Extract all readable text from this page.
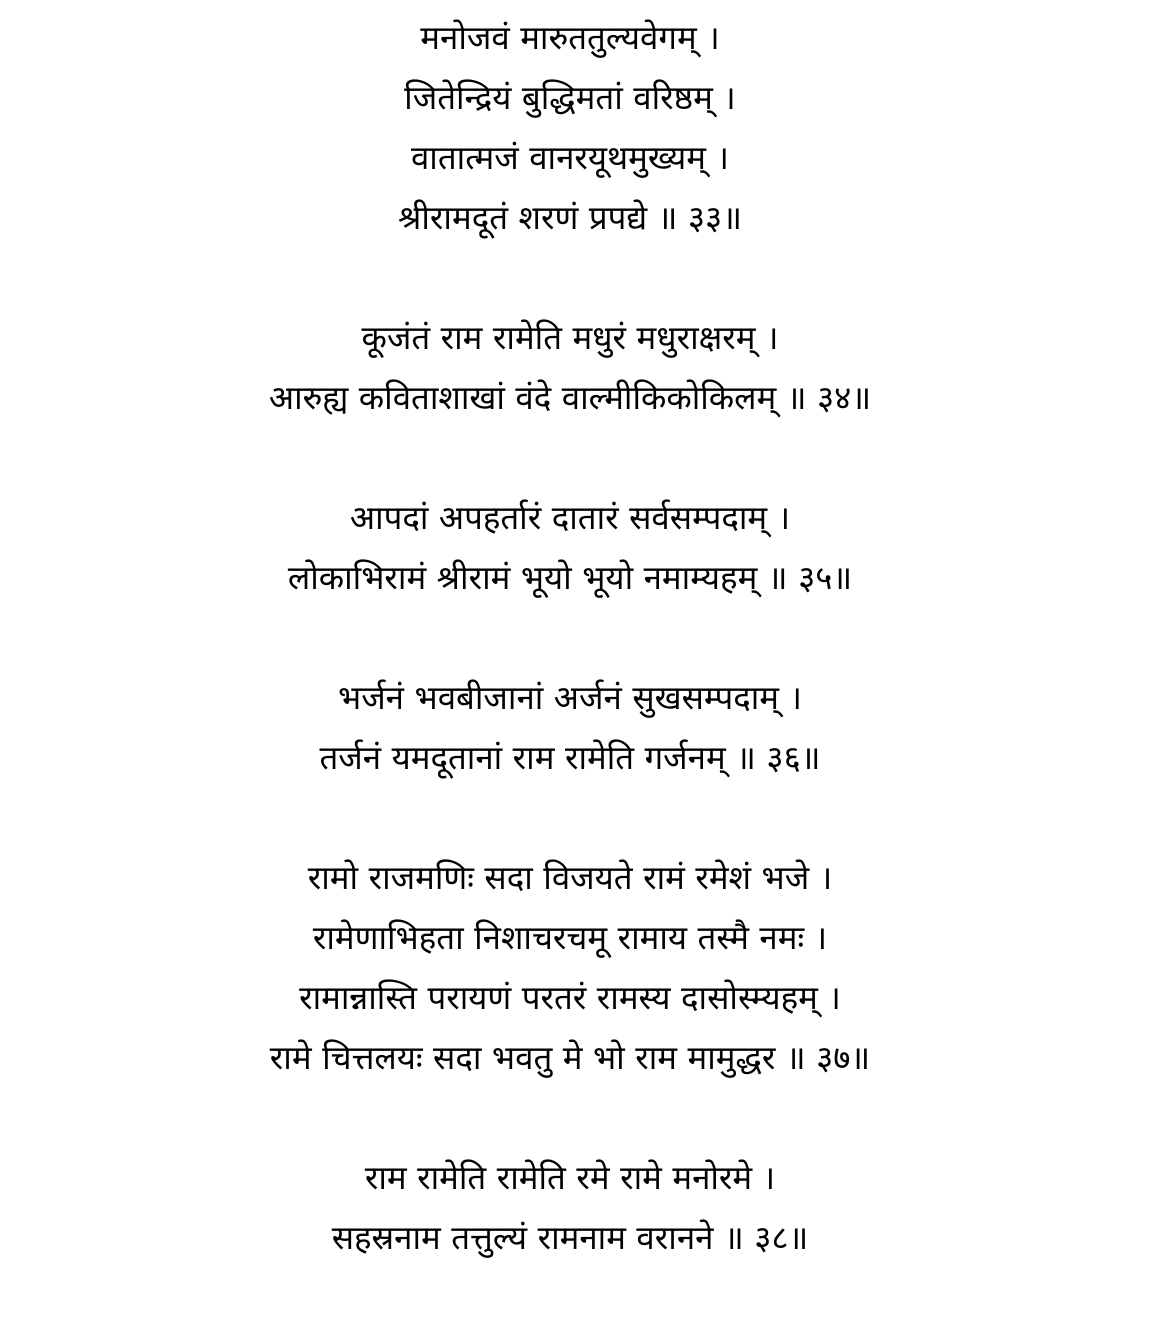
मनोजवं मारुततुल्यवेगम् ।
जितेन्द्रियं बुद्धिमतां वरिष्ठम् ।
वातात्मजं वानरयूथमुख्यम् ।
श्रीरामदूतं शरणं प्रपद्ये ॥ ३३॥
कूजंतं राम रामेति मधुरं मधुराक्षरम् ।
आरुह्य कविताशाखां वंदे वाल्मीकिकोकिलम् ॥ ३४॥
आपदां अपहर्तारं दातारं सर्वसम्पदाम् ।
लोकाभिरामं श्रीरामं भूयो भूयो नमाम्यहम् ॥ ३५॥
भर्जनं भवबीजानां अर्जनं सुखसम्पदाम् ।
तर्जनं यमदूतानां राम रामेति गर्जनम् ॥ ३६॥
रामो राजमणिः सदा विजयते रामं रमेशं भजे ।
रामेणाभिहता निशाचरचमू रामाय तस्मै नमः ।
रामान्नास्ति परायणं परतरं रामस्य दासोस्म्यहम् ।
रामे चित्तलयः सदा भवतु मे भो राम मामुद्धर ॥ ३७॥
राम रामेति रामेति रमे रामे मनोरमे ।
सहस्रनाम तत्तुल्यं रामनाम वरानने ॥ ३८॥
